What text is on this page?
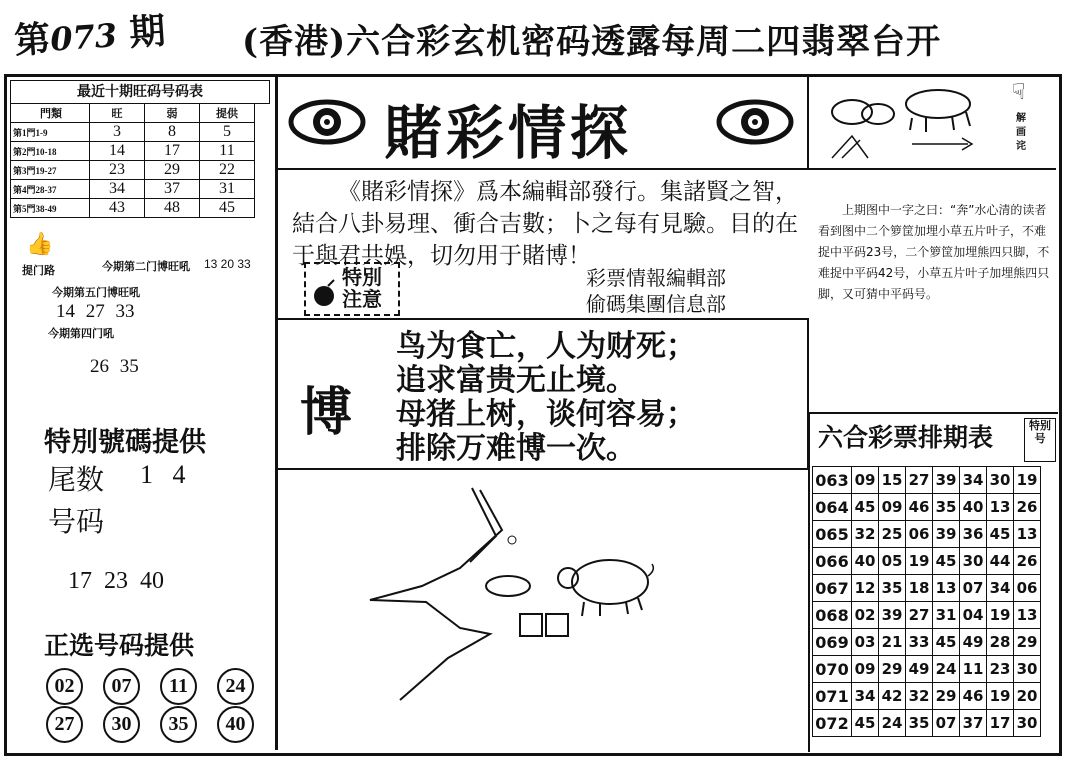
第073 期 (香港)六合彩玄机密码透露每周二四翡翠台开
最近十期旺码号码表
門類	旺	弱	提供
第1門1-9	3	8	5
第2門10-18	14	17	11
第3門19-27	23	29	22
第4門28-37	34	37	31
第5門38-49	43	48	45
👍
提门路	今期第二门博旺吼 13 20 33
今期第五门博旺吼
14 27 33
今期第四门吼
26 35
特別號碼提供
尾数 1   4
号码
17  23  40
正选号码提供
02 07 11 24
27 30 35 40
賭彩情探
《賭彩情探》爲本編輯部發行。集諸賢之智，結合八卦易理、衝合吉數；卜之每有見驗。目的在于與君共娛，切勿用于賭博！
特別注意
彩票情報編輯部
偷碼集團信息部
博
鸟为食亡，人为财死；
追求富贵无止境。
母猪上树，谈何容易；
排除万难博一次。
☟
解画诧
上期图中一字之曰：“奔”水心清的读者看到图中二个箩筐加埋小草五片叶子，不难捉中平码23号，二个箩筐加埋熊四只脚，不难捉中平码42号，小草五片叶子加埋熊四只脚，又可猜中平码号。
六合彩票排期表	特别号
063	09	15	27	39	34	30	19
064	45	09	46	35	40	13	26
065	32	25	06	39	36	45	13
066	40	05	19	45	30	44	26
067	12	35	18	13	07	34	06
068	02	39	27	31	04	19	13
069	03	21	33	45	49	28	29
070	09	29	49	24	11	23	30
071	34	42	32	29	46	19	20
072	45	24	35	07	37	17	30
